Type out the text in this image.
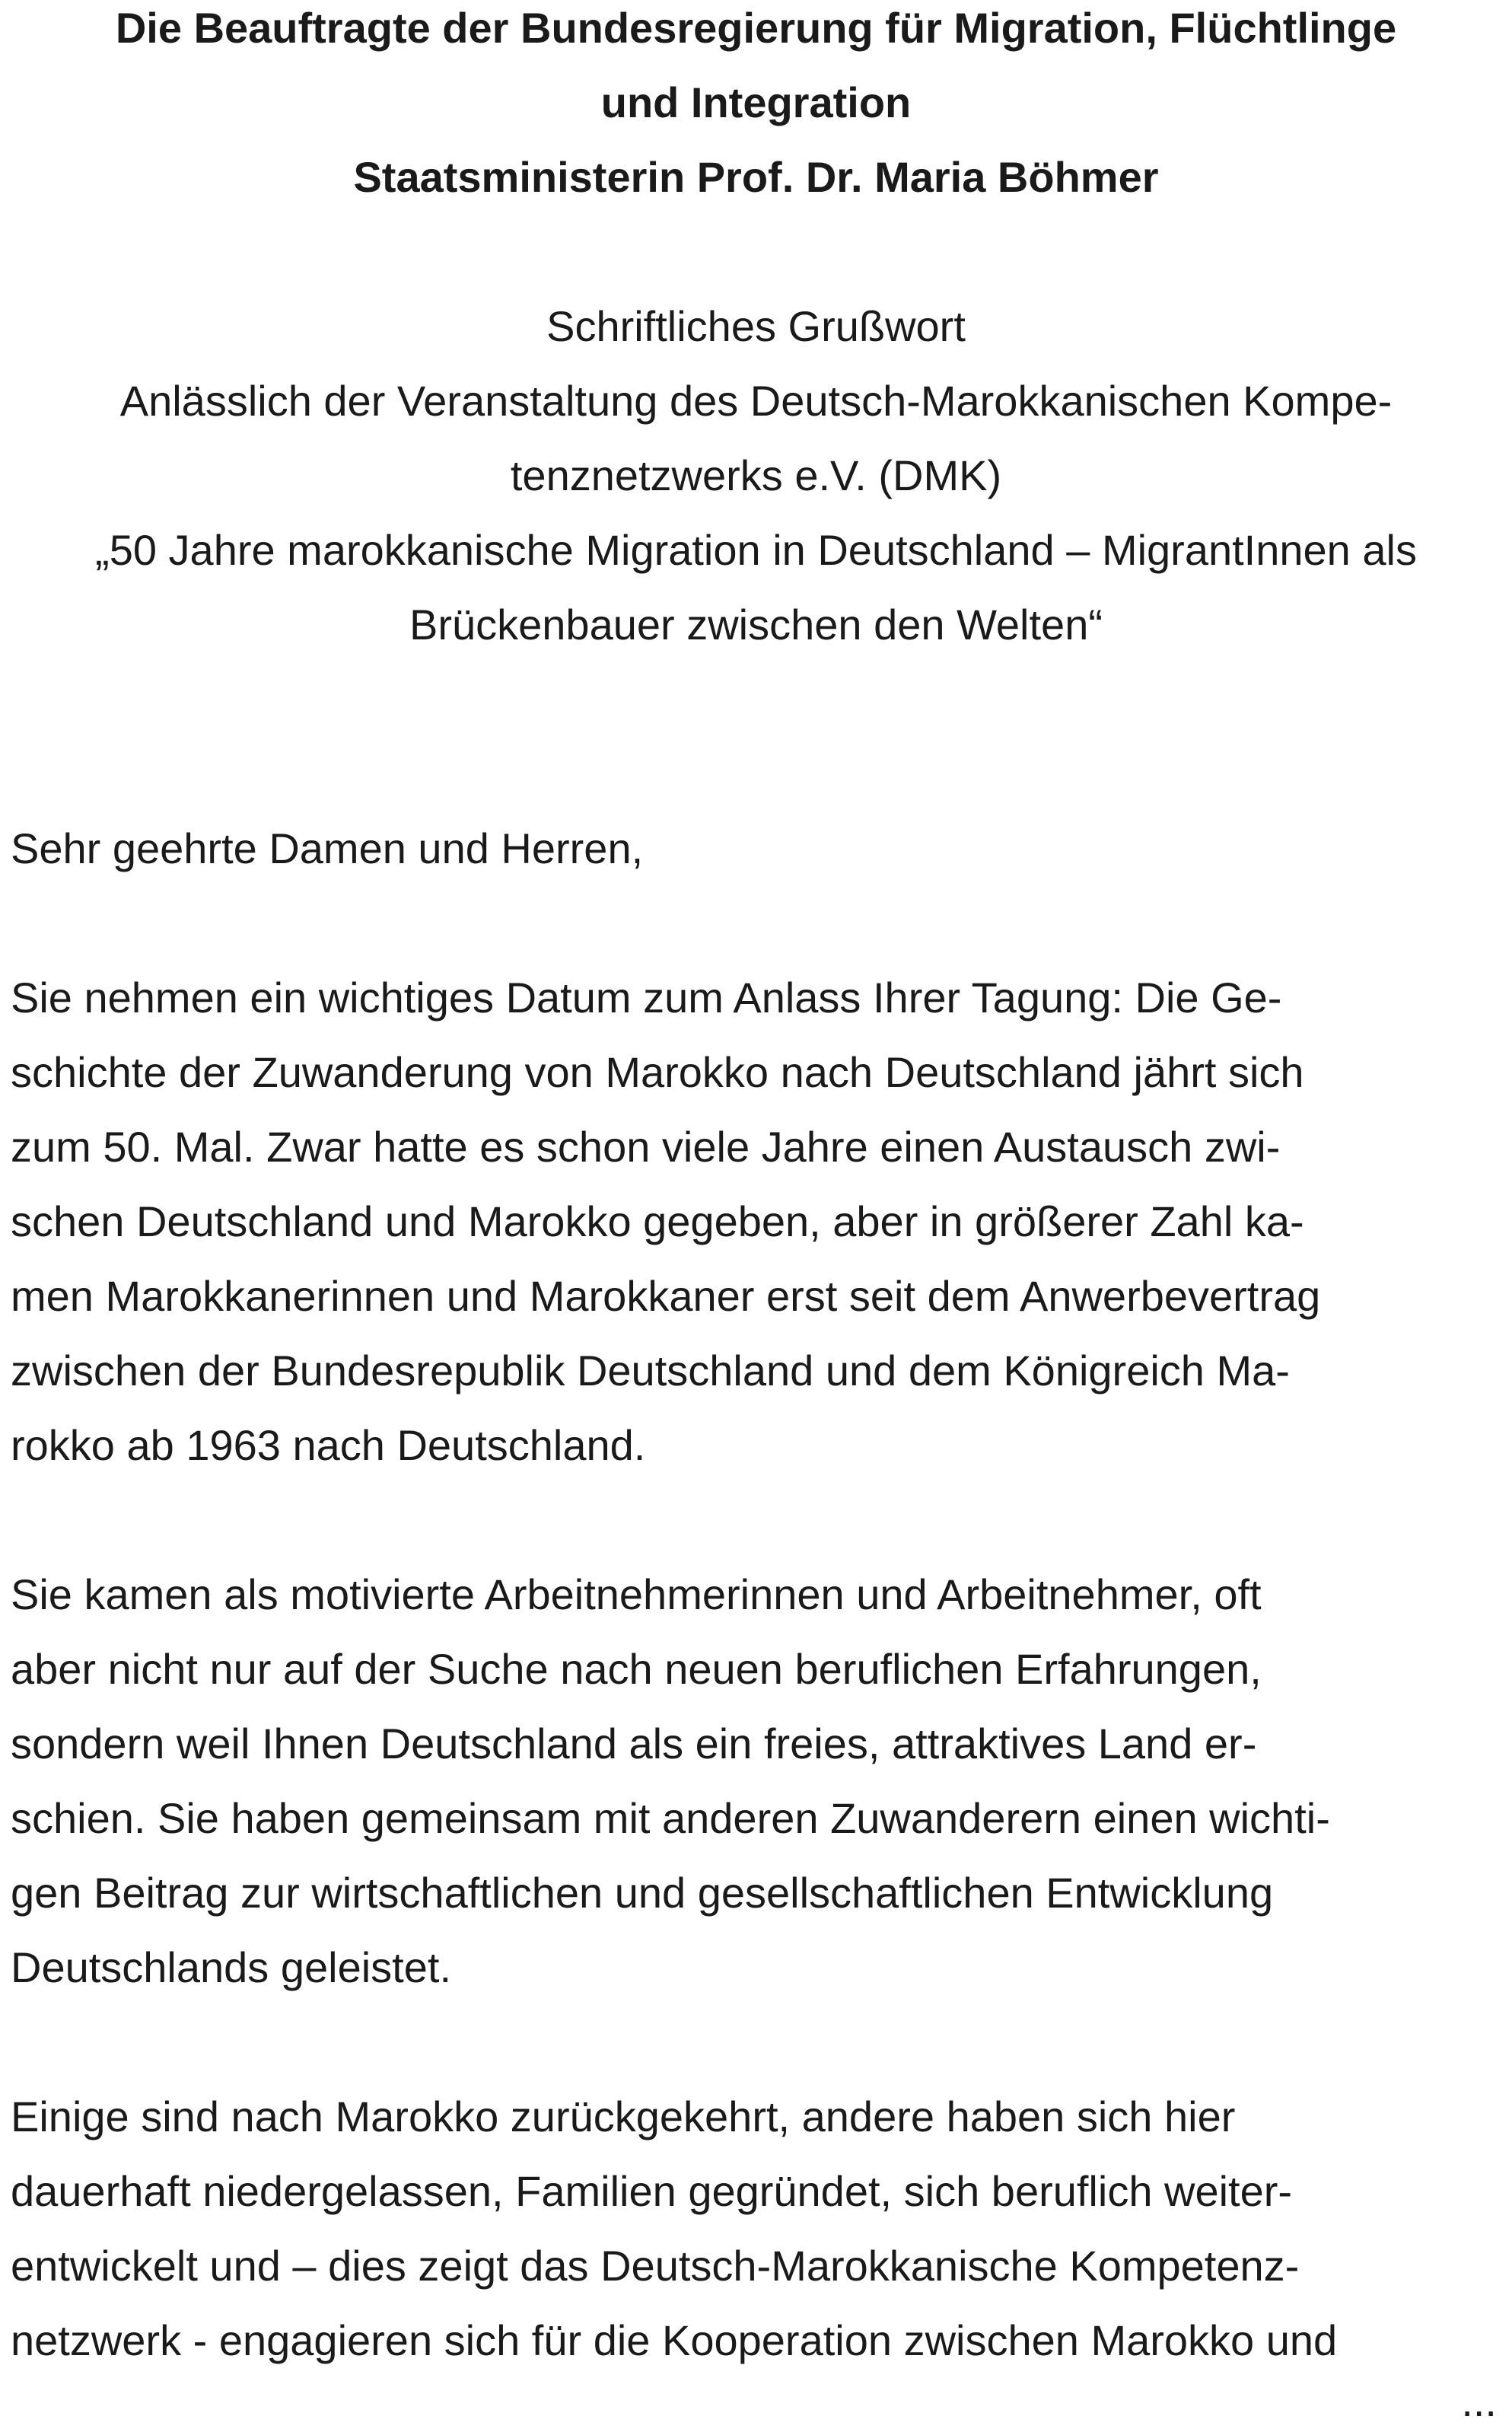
Die Beauftragte der Bundesregierung für Migration, Flüchtlinge
und Integration
Staatsministerin Prof. Dr. Maria Böhmer
Schriftliches Grußwort
Anlässlich der Veranstaltung des Deutsch-Marokkanischen Kompe-
tenznetzwerks e.V. (DMK)
„50 Jahre marokkanische Migration in Deutschland – MigrantInnen als
Brückenbauer zwischen den Welten“
Sehr geehrte Damen und Herren,
Sie nehmen ein wichtiges Datum zum Anlass Ihrer Tagung: Die Ge-
schichte der Zuwanderung von Marokko nach Deutschland jährt sich
zum 50. Mal. Zwar hatte es schon viele Jahre einen Austausch zwi-
schen Deutschland und Marokko gegeben, aber in größerer Zahl ka-
men Marokkanerinnen und Marokkaner erst seit dem Anwerbevertrag
zwischen der Bundesrepublik Deutschland und dem Königreich Ma-
rokko ab 1963 nach Deutschland.
Sie kamen als motivierte Arbeitnehmerinnen und Arbeitnehmer, oft
aber nicht nur auf der Suche nach neuen beruflichen Erfahrungen,
sondern weil Ihnen Deutschland als ein freies, attraktives Land er-
schien. Sie haben gemeinsam mit anderen Zuwanderern einen wichti-
gen Beitrag zur wirtschaftlichen und gesellschaftlichen Entwicklung
Deutschlands geleistet.
Einige sind nach Marokko zurückgekehrt, andere haben sich hier
dauerhaft niedergelassen, Familien gegründet, sich beruflich weiter-
entwickelt und – dies zeigt das Deutsch-Marokkanische Kompetenz-
netzwerk - engagieren sich für die Kooperation zwischen Marokko und
...
